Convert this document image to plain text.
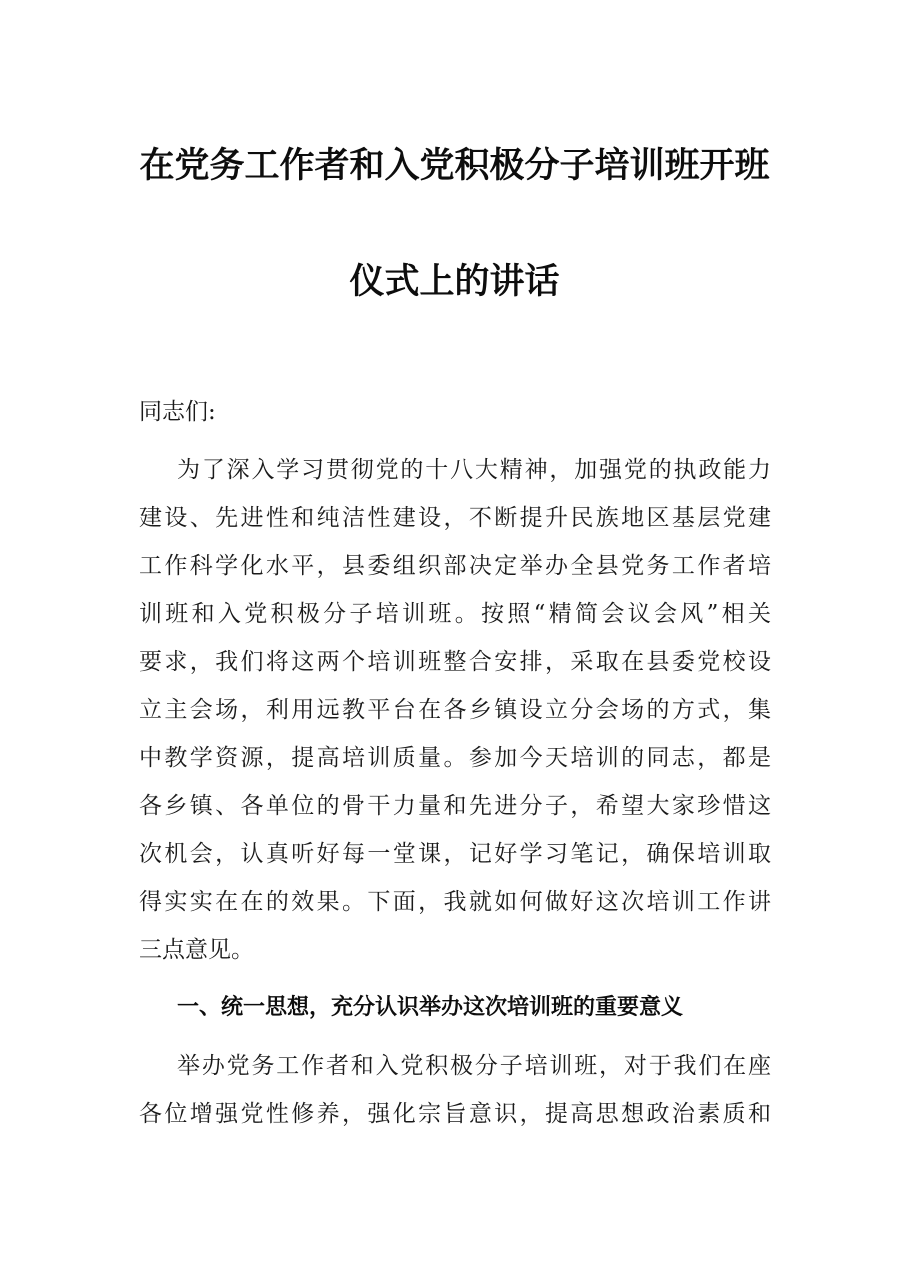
在党务工作者和入党积极分子培训班开班
仪式上的讲话
同志们:
为了深入学习贯彻党的十八大精神，加强党的执政能力
建设、先进性和纯洁性建设，不断提升民族地区基层党建
工作科学化水平，县委组织部决定举办全县党务工作者培
训班和入党积极分子培训班。按照“精简会议会风”相关
要求，我们将这两个培训班整合安排，采取在县委党校设
立主会场，利用远教平台在各乡镇设立分会场的方式，集
中教学资源，提高培训质量。参加今天培训的同志，都是
各乡镇、各单位的骨干力量和先进分子，希望大家珍惜这
次机会，认真听好每一堂课，记好学习笔记，确保培训取
得实实在在的效果。下面，我就如何做好这次培训工作讲
三点意见。
一、统一思想，充分认识举办这次培训班的重要意义
举办党务工作者和入党积极分子培训班，对于我们在座
各位增强党性修养，强化宗旨意识，提高思想政治素质和
